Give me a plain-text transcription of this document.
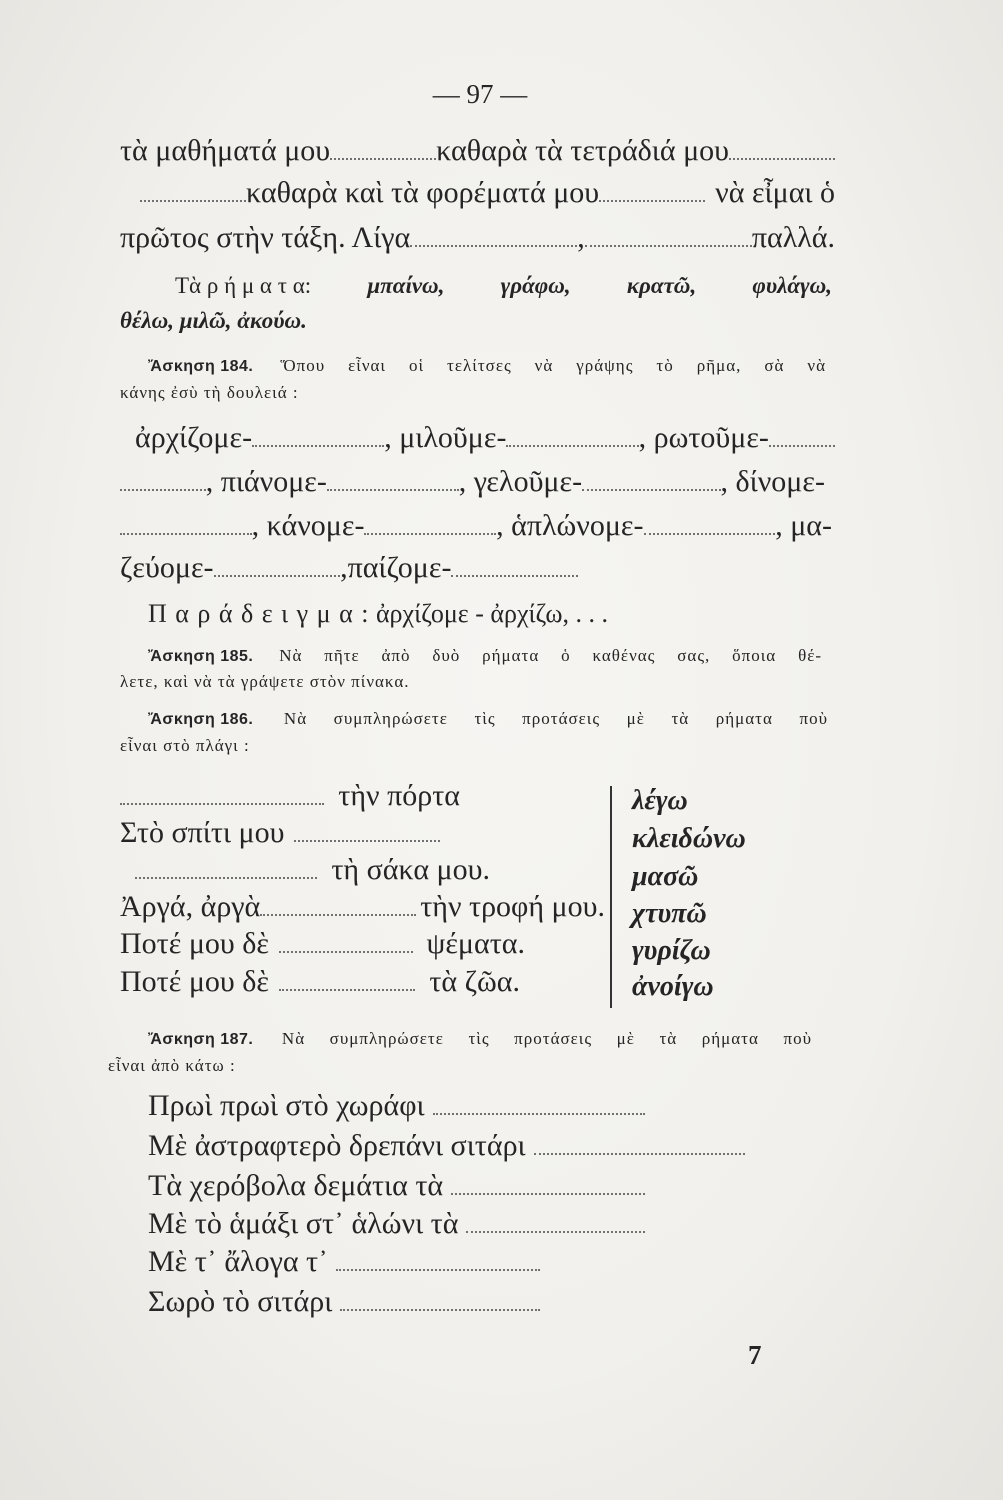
— 97 —
τὰ μαθήματά μου	καθαρὰ τὰ τετράδιά μου
καθαρὰ καὶ τὰ φορέματά μου	νὰ εἶμαι ὁ
πρῶτος στὴν τάξη. Λίγα	,	παλλά.
Τὰ ρ ή μ α τ α: μπαίνω, γράφω, κρατῶ, φυλάγω,
θέλω, μιλῶ, ἀκούω.
Ἄσκηση 184. Ὅπου εἶναι οἱ τελίτσες νὰ γράψης τὸ ρῆμα, σὰ νὰ
κάνης ἐσὺ τὴ δουλειά :
ἀρχίζομε-	, μιλοῦμε-	, ρωτοῦμε-
, πιάνομε-	, γελοῦμε-	, δίνομε-
, κάνομε-	, ἁπλώνομε-	, μα-
ζεύομε-	,παίζομε-
Π α ρ ά δ ε ι γ μ α : ἀρχίζομε - ἀρχίζω, . . .
Ἄσκηση 185. Νὰ πῆτε ἀπὸ δυὸ ρήματα ὁ καθένας σας, ὅποια θέ-
λετε, καὶ νὰ τὰ γράψετε στὸν πίνακα.
Ἄσκηση 186. Νὰ συμπληρώσετε τὶς προτάσεις μὲ τὰ ρήματα ποὺ
εἶναι στὸ πλάγι :
τὴν πόρτα
Στὸ σπίτι μου
τὴ σάκα μου.
Ἀργά, ἀργὰ	τὴν τροφή μου.
Ποτέ μου δὲ	ψέματα.
Ποτέ μου δὲ	τὰ ζῶα.
λέγω
κλειδώνω
μασῶ
χτυπῶ
γυρίζω
ἀνοίγω
Ἄσκηση 187. Νὰ συμπληρώσετε τὶς προτάσεις μὲ τὰ ρήματα ποὺ
εἶναι ἀπὸ κάτω :
Πρωὶ πρωὶ στὸ χωράφι
Μὲ ἀστραφτερὸ δρεπάνι σιτάρι
Τὰ χερόβολα δεμάτια τὰ
Μὲ τὸ ἁμάξι στ᾽ ἁλώνι τὰ
Μὲ τ᾽ ἄλογα τ᾽
Σωρὸ τὸ σιτάρι
7
